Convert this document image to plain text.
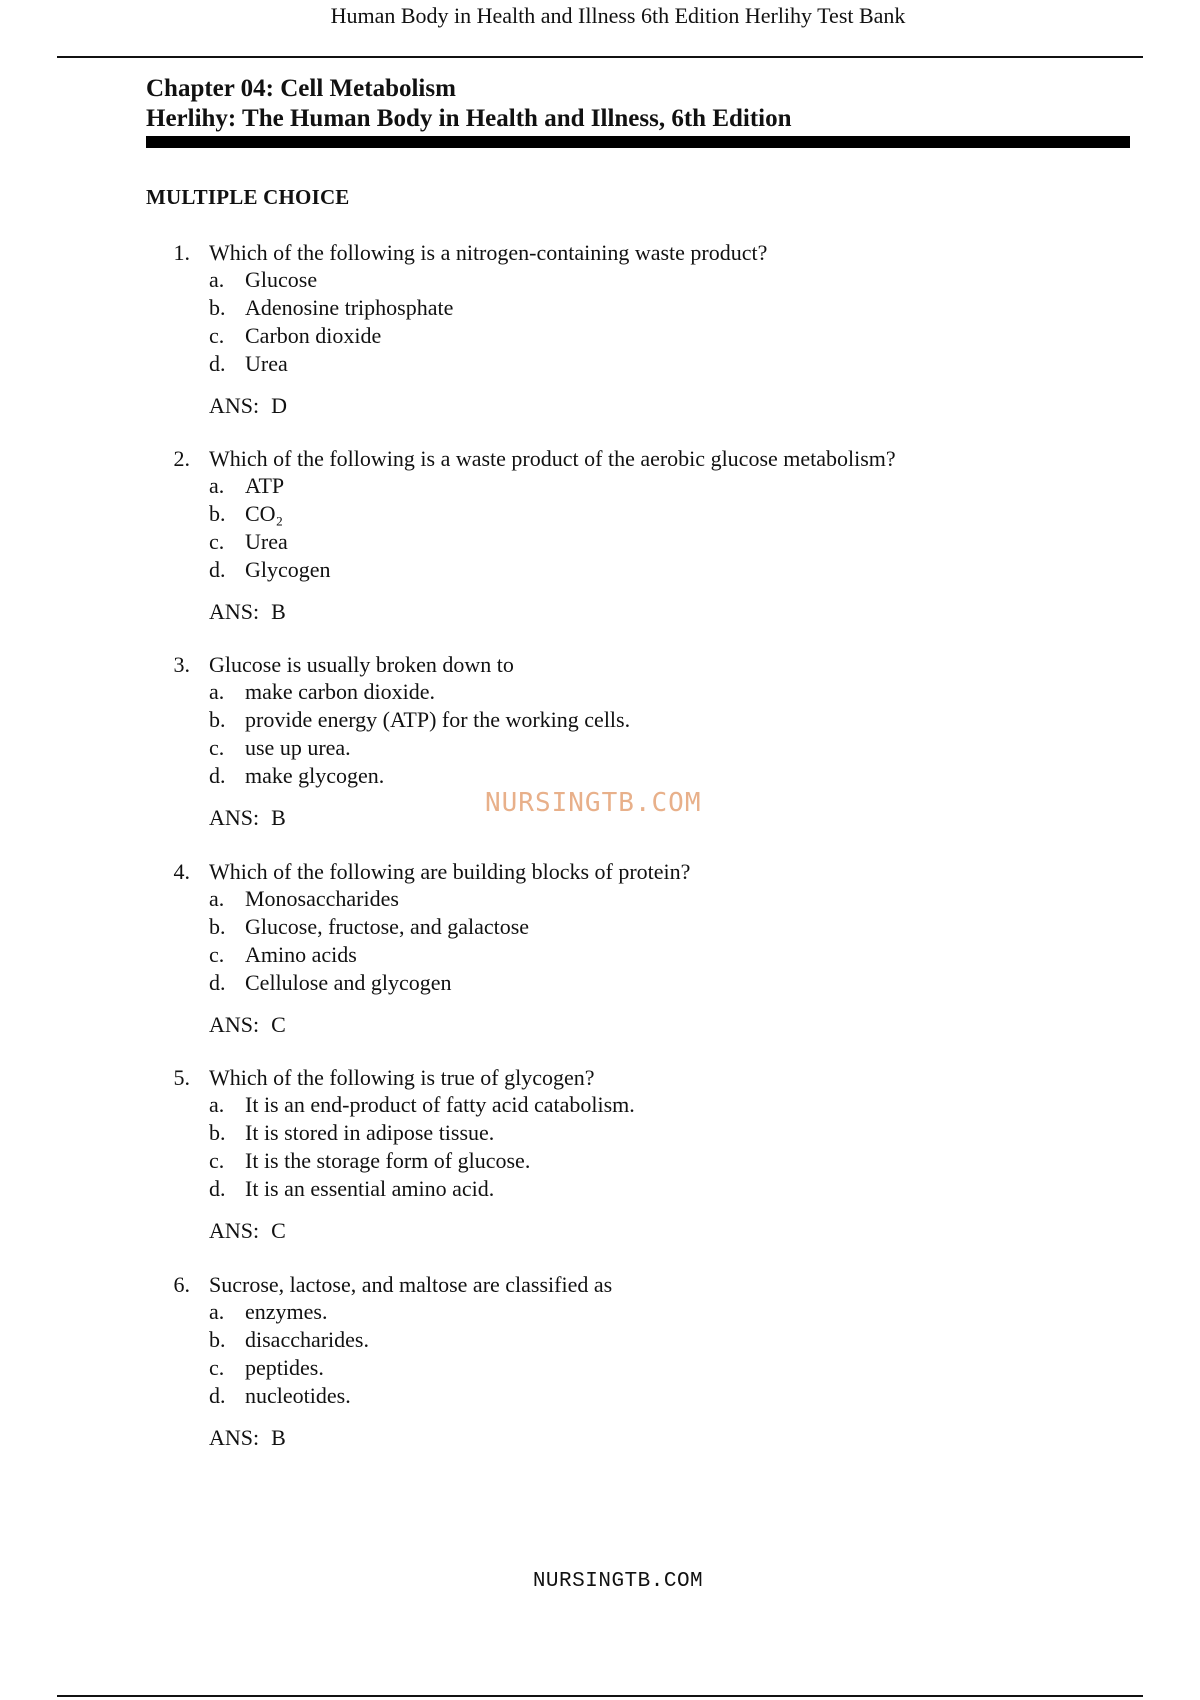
Human Body in Health and Illness 6th Edition Herlihy Test Bank
Chapter 04: Cell Metabolism
Herlihy: The Human Body in Health and Illness, 6th Edition
MULTIPLE CHOICE
1. Which of the following is a nitrogen-containing waste product?
a. Glucose
b. Adenosine triphosphate
c. Carbon dioxide
d. Urea
ANS: D
2. Which of the following is a waste product of the aerobic glucose metabolism?
a. ATP
b. CO₂
c. Urea
d. Glycogen
ANS: B
3. Glucose is usually broken down to
a. make carbon dioxide.
b. provide energy (ATP) for the working cells.
c. use up urea.
d. make glycogen.
ANS: B
4. Which of the following are building blocks of protein?
a. Monosaccharides
b. Glucose, fructose, and galactose
c. Amino acids
d. Cellulose and glycogen
ANS: C
5. Which of the following is true of glycogen?
a. It is an end-product of fatty acid catabolism.
b. It is stored in adipose tissue.
c. It is the storage form of glucose.
d. It is an essential amino acid.
ANS: C
6. Sucrose, lactose, and maltose are classified as
a. enzymes.
b. disaccharides.
c. peptides.
d. nucleotides.
ANS: B
NURSINGTB.COM
NURSINGTB.COM
